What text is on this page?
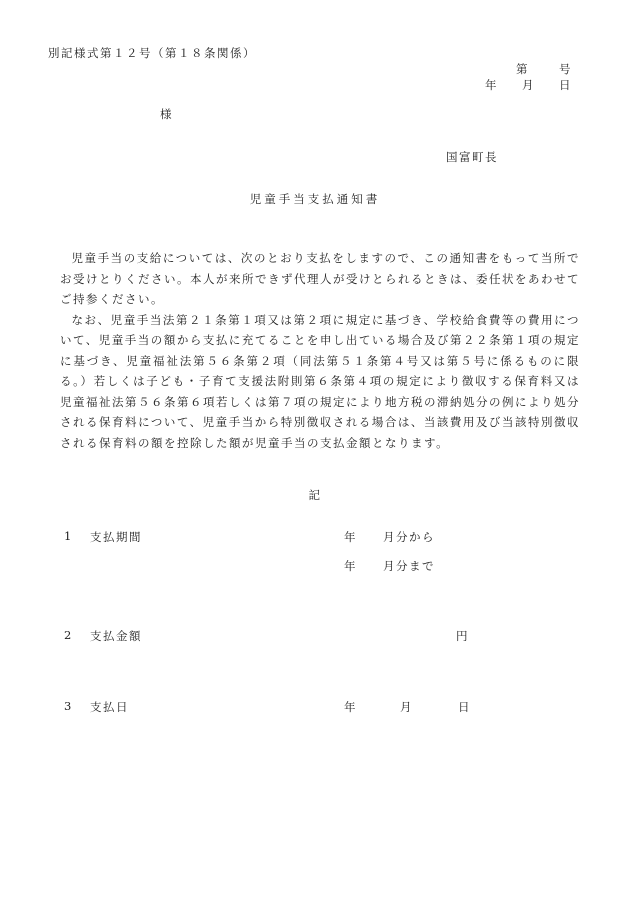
別記様式第１２号（第１８条関係）
第	号
年 月 日
様
国富町長
児童手当支払通知書

児童手当の支給については、次のとおり支払をしますので、この通知書をもって当所でお受けとりください。本人が来所できず代理人が受けとられるときは、委任状をあわせてご持参ください。

なお、児童手当法第２１条第１項又は第２項に規定に基づき、学校給食費等の費用について、児童手当の額から支払に充てることを申し出ている場合及び第２２条第１項の規定に基づき、児童福祉法第５６条第２項（同法第５１条第４号又は第５号に係るものに限る。）若しくは子ども・子育て支援法附則第６条第４項の規定により徴収する保育料又は児童福祉法第５６条第６項若しくは第７項の規定により地方税の滞納処分の例により処分される保育料について、児童手当から特別徴収される場合は、当該費用及び当該特別徴収される保育料の額を控除した額が児童手当の支払金額となります。

記
1 支払期間	年 月分から
年 月分まで
2 支払金額	円
3 支払日	年	月	日
